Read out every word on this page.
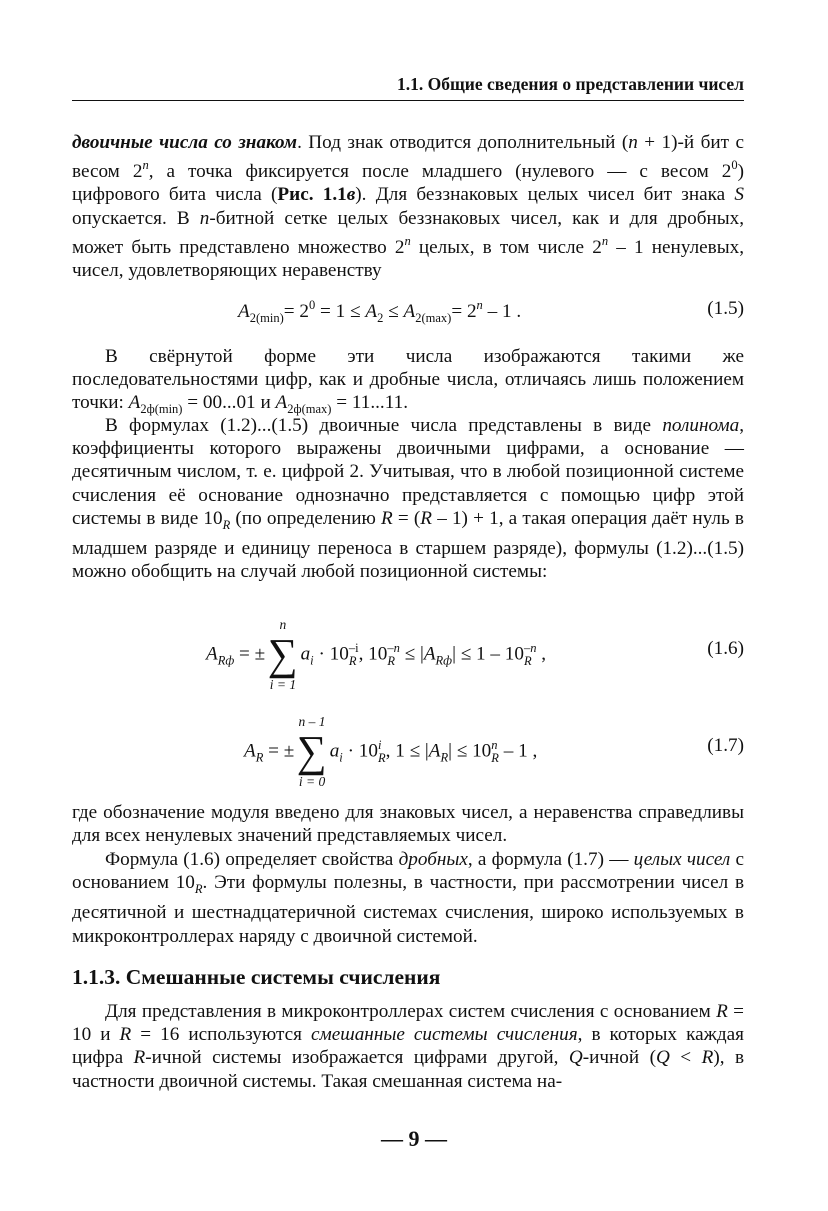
1.1. Общие сведения о представлении чисел

двоичные числа со знаком. Под знак отводится дополнительный (n + 1)-й бит с весом 2$^n$, а точка фиксируется после младшего (нулевого — с весом $2^0$) цифрового бита числа (Рис. 1.1в). Для беззнаковых целых чисел бит знака S опускается. В n-битной сетке целых беззнаковых чисел, как и для дробных, может быть представлено множество 2$^n$ целых, в том числе 2$^n$ – 1 ненулевых, чисел, удовлетворяющих неравенству

$A_{2(min)}= 2^0 = 1 \le A_2 \le A_{2(max)}= 2^n - 1$ .	(1.5)

В свёрнутой форме эти числа изображаются такими же последовательностями цифр, как и дробные числа, отличаясь лишь положением точки: $A_{2ф(min)} = 00...01$ и $A_{2ф(max)} = 11...11$.

В формулах (1.2)...(1.5) двоичные числа представлены в виде полинома, коэффициенты которого выражены двоичными цифрами, а основание — десятичным числом, т. е. цифрой 2. Учитывая, что в любой позиционной системе счисления её основание однозначно представляется с помощью цифр этой системы в виде $10_R$ (по определению R = (R – 1) + 1, а такая операция даёт нуль в младшем разряде и единицу переноса в старшем разряде), формулы (1.2)...(1.5) можно обобщить на случай любой позиционной системы:

$A_{Rф}$ = ±
n
∑
i = 1
$a_i \cdot 10$ –i
R , 10 –n
$R \le |A_{Rф}| \le 1 - 10$ –n
R ,	(1.6)
$A_R$ = ±
n – 1
∑
i = 0
$a_i \cdot 10$ i
R , $1 \le |A_R| \le 10$ n
R – 1 ,	(1.7)

где обозначение модуля введено для знаковых чисел, а неравенства справедливы для всех ненулевых значений представляемых чисел.

Формула (1.6) определяет свойства дробных, а формула (1.7) — целых чисел с основанием $10_R$. Эти формулы полезны, в частности, при рассмотрении чисел в десятичной и шестнадцатеричной системах счисления, широко используемых в микроконтроллерах наряду с двоичной системой.

1.1.3. Смешанные системы счисления

Для представления в микроконтроллерах систем счисления с основанием R = 10 и R = 16 используются смешанные системы счисления, в которых каждая цифра R-ичной системы изображается цифрами другой, Q-ичной (Q < R), в частности двоичной системы. Такая смешанная система на-

— 9 —
